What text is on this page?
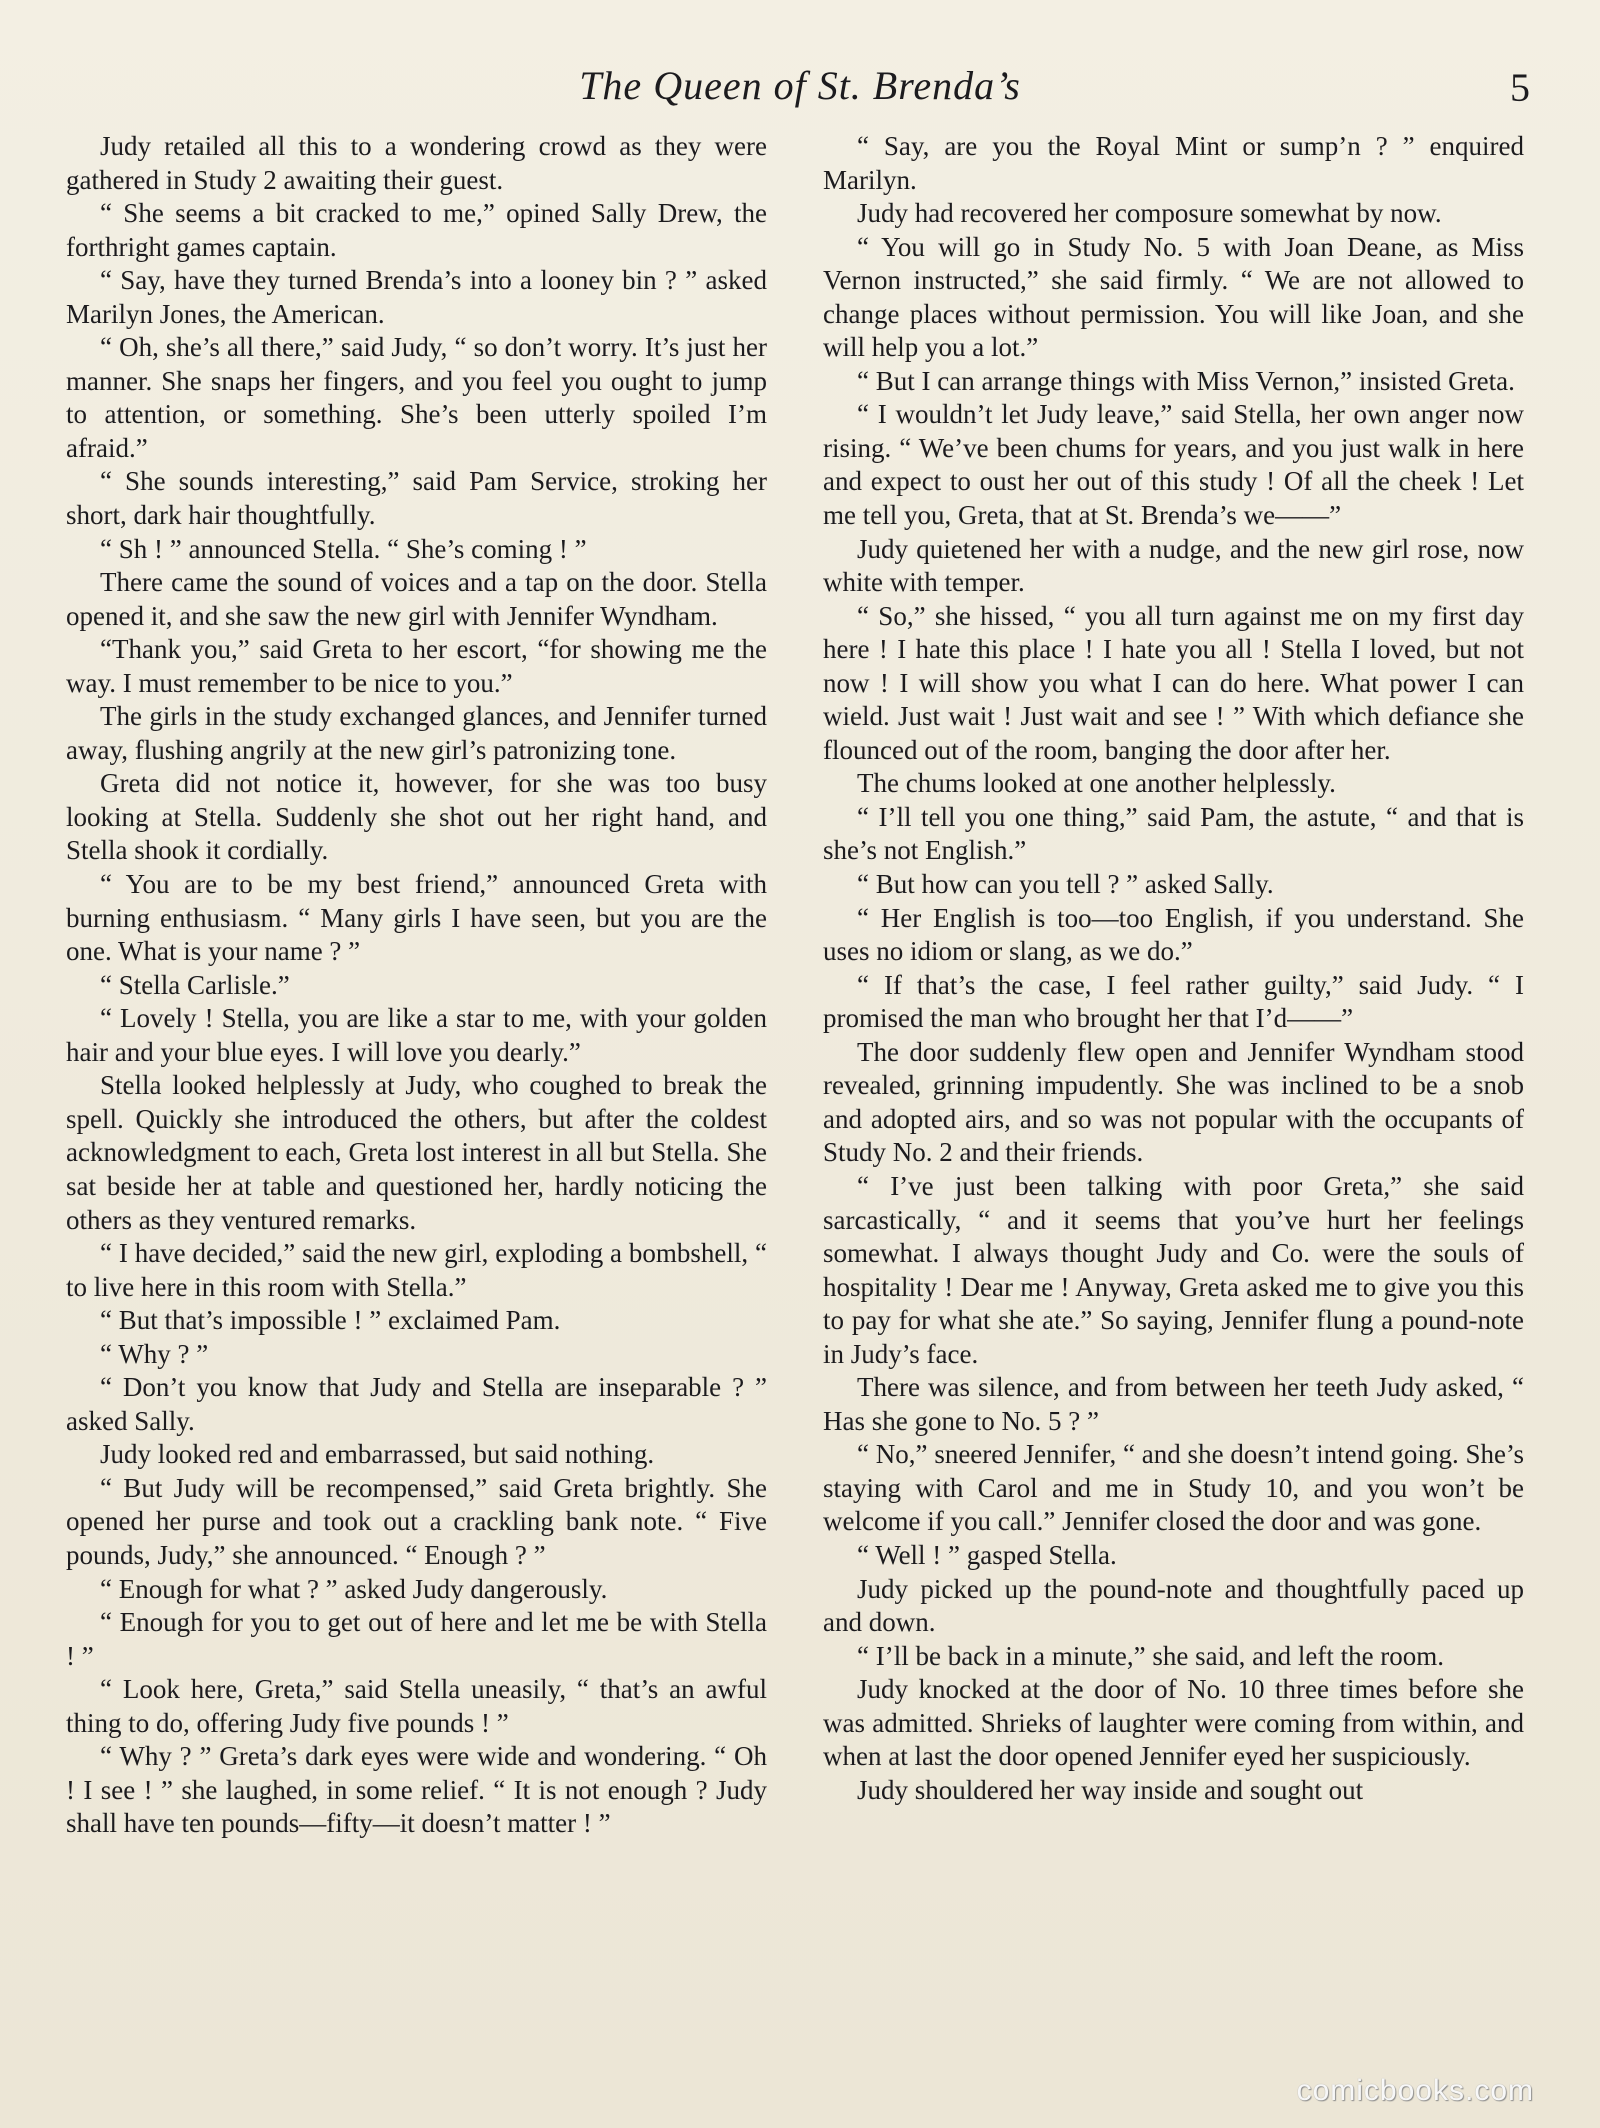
The Queen of St. Brenda’s	5

Judy retailed all this to a wondering crowd as they were gathered in Study 2 awaiting their guest.

“ She seems a bit cracked to me,” opined Sally Drew, the forthright games captain.

“ Say, have they turned Brenda’s into a looney bin ? ” asked Marilyn Jones, the American.

“ Oh, she’s all there,” said Judy, “ so don’t worry. It’s just her manner. She snaps her fingers, and you feel you ought to jump to attention, or something. She’s been utterly spoiled I’m afraid.”

“ She sounds interesting,” said Pam Service, stroking her short, dark hair thoughtfully.

“ Sh ! ” announced Stella. “ She’s coming ! ”

There came the sound of voices and a tap on the door. Stella opened it, and she saw the new girl with Jennifer Wyndham.

“Thank you,” said Greta to her escort, “for showing me the way. I must remember to be nice to you.”

The girls in the study exchanged glances, and Jennifer turned away, flushing angrily at the new girl’s patronizing tone.

Greta did not notice it, however, for she was too busy looking at Stella. Suddenly she shot out her right hand, and Stella shook it cordially.

“ You are to be my best friend,” announced Greta with burning enthusiasm. “ Many girls I have seen, but you are the one. What is your name ? ”

“ Stella Carlisle.”

“ Lovely ! Stella, you are like a star to me, with your golden hair and your blue eyes. I will love you dearly.”

Stella looked helplessly at Judy, who coughed to break the spell. Quickly she introduced the others, but after the coldest acknowledgment to each, Greta lost interest in all but Stella. She sat beside her at table and questioned her, hardly noticing the others as they ventured remarks.

“ I have decided,” said the new girl, exploding a bombshell, “ to live here in this room with Stella.”

“ But that’s impossible ! ” exclaimed Pam.

“ Why ? ”

“ Don’t you know that Judy and Stella are inseparable ? ” asked Sally.

Judy looked red and embarrassed, but said nothing.

“ But Judy will be recompensed,” said Greta brightly. She opened her purse and took out a crackling bank note. “ Five pounds, Judy,” she announced. “ Enough ? ”

“ Enough for what ? ” asked Judy dangerously.

“ Enough for you to get out of here and let me be with Stella ! ”

“ Look here, Greta,” said Stella uneasily, “ that’s an awful thing to do, offering Judy five pounds ! ”

“ Why ? ” Greta’s dark eyes were wide and wondering. “ Oh ! I see ! ” she laughed, in some relief. “ It is not enough ? Judy shall have ten pounds—fifty—it doesn’t matter ! ”

“ Say, are you the Royal Mint or sump’n ? ” enquired Marilyn.

Judy had recovered her composure somewhat by now.

“ You will go in Study No. 5 with Joan Deane, as Miss Vernon instructed,” she said firmly. “ We are not allowed to change places without permission. You will like Joan, and she will help you a lot.”

“ But I can arrange things with Miss Vernon,” insisted Greta.

“ I wouldn’t let Judy leave,” said Stella, her own anger now rising. “ We’ve been chums for years, and you just walk in here and expect to oust her out of this study ! Of all the cheek ! Let me tell you, Greta, that at St. Brenda’s we——”

Judy quietened her with a nudge, and the new girl rose, now white with temper.

“ So,” she hissed, “ you all turn against me on my first day here ! I hate this place ! I hate you all ! Stella I loved, but not now ! I will show you what I can do here. What power I can wield. Just wait ! Just wait and see ! ” With which defiance she flounced out of the room, banging the door after her.

The chums looked at one another helplessly.

“ I’ll tell you one thing,” said Pam, the astute, “ and that is she’s not English.”

“ But how can you tell ? ” asked Sally.

“ Her English is too—too English, if you understand. She uses no idiom or slang, as we do.”

“ If that’s the case, I feel rather guilty,” said Judy. “ I promised the man who brought her that I’d——”

The door suddenly flew open and Jennifer Wyndham stood revealed, grinning impudently. She was inclined to be a snob and adopted airs, and so was not popular with the occupants of Study No. 2 and their friends.

“ I’ve just been talking with poor Greta,” she said sarcastically, “ and it seems that you’ve hurt her feelings somewhat. I always thought Judy and Co. were the souls of hospitality ! Dear me ! Anyway, Greta asked me to give you this to pay for what she ate.” So saying, Jennifer flung a pound-note in Judy’s face.

There was silence, and from between her teeth Judy asked, “ Has she gone to No. 5 ? ”

“ No,” sneered Jennifer, “ and she doesn’t intend going. She’s staying with Carol and me in Study 10, and you won’t be welcome if you call.” Jennifer closed the door and was gone.

“ Well ! ” gasped Stella.

Judy picked up the pound-note and thoughtfully paced up and down.

“ I’ll be back in a minute,” she said, and left the room.

Judy knocked at the door of No. 10 three times before she was admitted. Shrieks of laughter were coming from within, and when at last the door opened Jennifer eyed her suspiciously.

Judy shouldered her way inside and sought out

comicbooks.com
